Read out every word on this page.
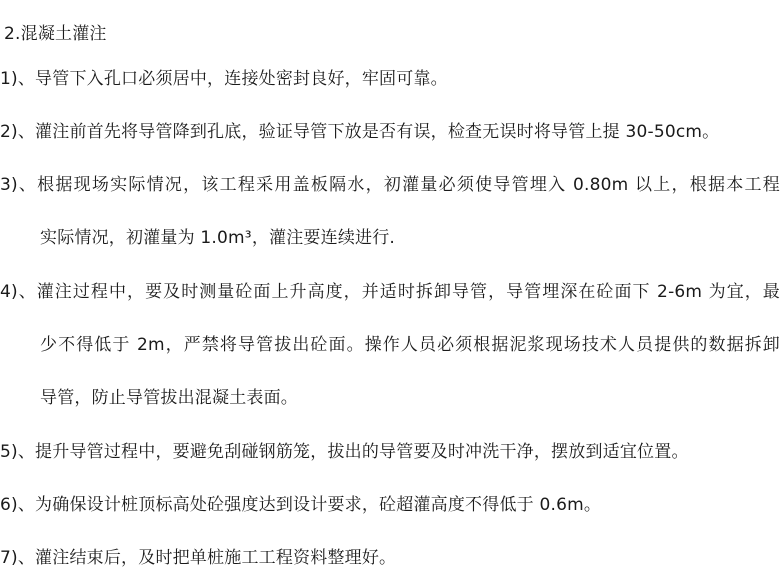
2.混凝土灌注
1)、导管下入孔口必须居中，连接处密封良好，牢固可靠。
2)、灌注前首先将导管降到孔底，验证导管下放是否有误，检查无误时将导管上提 30-50cm。
3)、根据现场实际情况，该工程采用盖板隔水，初灌量必须使导管埋入 0.80m 以上，根据本工程
实际情况，初灌量为 1.0m³，灌注要连续进行.
4)、灌注过程中，要及时测量砼面上升高度，并适时拆卸导管，导管埋深在砼面下 2-6m 为宜，最
少不得低于 2m，严禁将导管拔出砼面。操作人员必须根据泥浆现场技术人员提供的数据拆卸
导管，防止导管拔出混凝土表面。
5)、提升导管过程中，要避免刮碰钢筋笼，拔出的导管要及时冲洗干净，摆放到适宜位置。
6)、为确保设计桩顶标高处砼强度达到设计要求，砼超灌高度不得低于 0.6m。
7)、灌注结束后，及时把单桩施工工程资料整理好。
